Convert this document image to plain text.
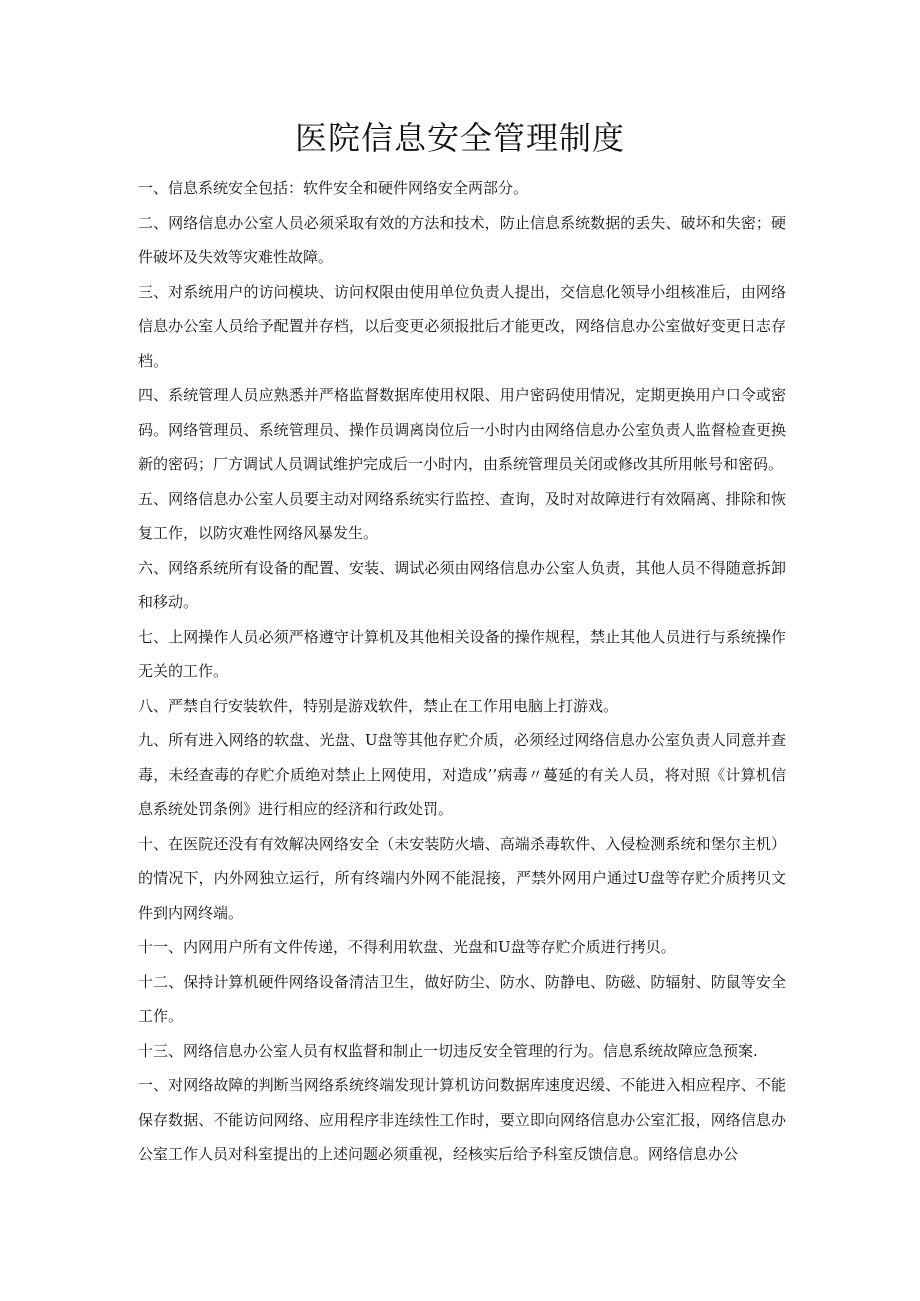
医院信息安全管理制度

一、信息系统安全包括：软件安全和硬件网络安全两部分。

二、网络信息办公室人员必须采取有效的方法和技术，防止信息系统数据的丢失、破坏和失密；硬件破坏及失效等灾难性故障。

三、对系统用户的访问模块、访问权限由使用单位负责人提出，交信息化领导小组核准后，由网络信息办公室人员给予配置并存档，以后变更必须报批后才能更改，网络信息办公室做好变更日志存档。

四、系统管理人员应熟悉并严格监督数据库使用权限、用户密码使用情况，定期更换用户口令或密码。网络管理员、系统管理员、操作员调离岗位后一小时内由网络信息办公室负责人监督检查更换新的密码；厂方调试人员调试维护完成后一小时内，由系统管理员关闭或修改其所用帐号和密码。

五、网络信息办公室人员要主动对网络系统实行监控、查询，及时对故障进行有效隔离、排除和恢复工作，以防灾难性网络风暴发生。

六、网络系统所有设备的配置、安装、调试必须由网络信息办公室人负责，其他人员不得随意拆卸和移动。

七、上网操作人员必须严格遵守计算机及其他相关设备的操作规程，禁止其他人员进行与系统操作无关的工作。

八、严禁自行安装软件，特别是游戏软件，禁止在工作用电脑上打游戏。

九、所有进入网络的软盘、光盘、U盘等其他存贮介质，必须经过网络信息办公室负责人同意并查毒，未经查毒的存贮介质绝对禁止上网使用，对造成’’病毒〃蔓延的有关人员，将对照《计算机信息系统处罚条例》进行相应的经济和行政处罚。

十、在医院还没有有效解决网络安全（未安装防火墙、高端杀毒软件、入侵检测系统和堡尔主机）的情况下，内外网独立运行，所有终端内外网不能混接，严禁外网用户通过U盘等存贮介质拷贝文件到内网终端。

十一、内网用户所有文件传递，不得利用软盘、光盘和U盘等存贮介质进行拷贝。

十二、保持计算机硬件网络设备清洁卫生，做好防尘、防水、防静电、防磁、防辐射、防鼠等安全工作。

十三、网络信息办公室人员有权监督和制止一切违反安全管理的行为。信息系统故障应急预案.

一、对网络故障的判断当网络系统终端发现计算机访问数据库速度迟缓、不能进入相应程序、不能保存数据、不能访问网络、应用程序非连续性工作时，要立即向网络信息办公室汇报，网络信息办公室工作人员对科室提出的上述问题必须重视，经核实后给予科室反馈信息。网络信息办公
